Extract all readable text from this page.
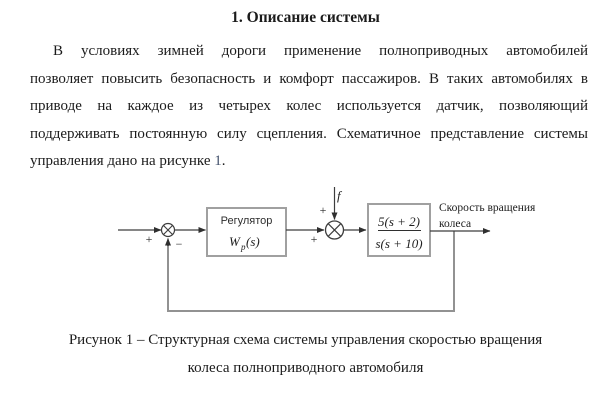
1. Описание системы
В условиях зимней дороги применение полноприводных автомобилей
позволяет повысить безопасность и комфорт пассажиров. В таких автомобилях в
приводе на каждое из четырех колес используется датчик, позволяющий
поддерживать постоянную силу сцепления. Схематичное представление системы
управления дано на рисунке 1.
+ −
Регулятор
W p (s)
f
+
+
5(s + 2)
s(s + 10)
Скорость вращения
колеса
Рисунок 1 – Структурная схема системы управления скоростью вращения
колеса полноприводного автомобиля
